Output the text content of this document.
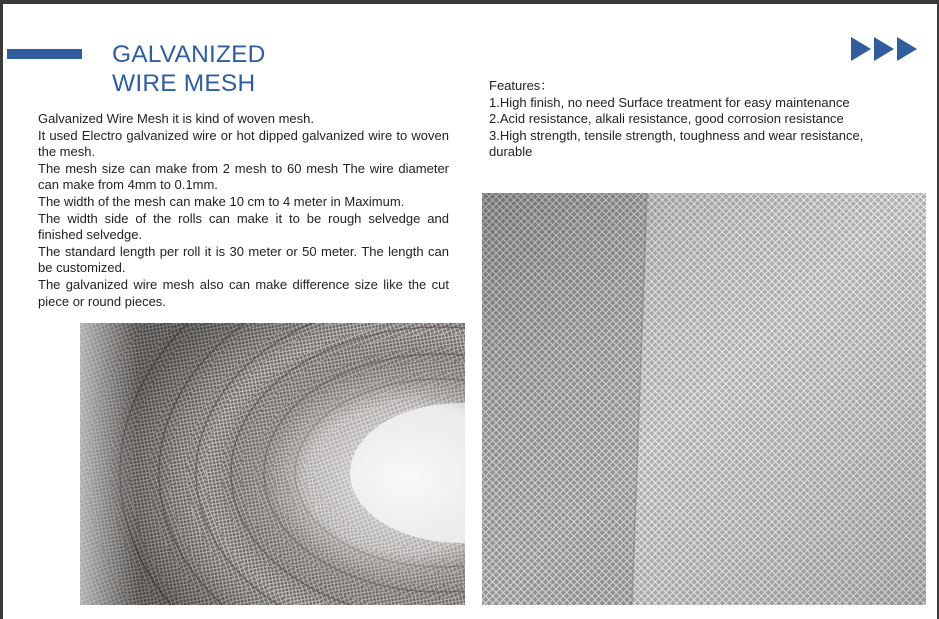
GALVANIZED
WIRE MESH

Galvanized Wire Mesh it is kind of woven mesh.

It used Electro galvanized wire or hot dipped galvanized wire to woven the mesh.

The mesh size can make from 2 mesh to 60 mesh The wire diameter can make from 4mm to 0.1mm.

The width of the mesh can make 10 cm to 4 meter in Maximum.

The width side of the rolls can make it to be rough selvedge and finished selvedge.

The standard length per roll it is 30 meter or 50 meter. The length can be customized.

The galvanized wire mesh also can make difference size like the cut piece or round pieces.

Features：

1.High finish, no need Surface treatment for easy maintenance

2.Acid resistance, alkali resistance, good corrosion resistance

3.High strength, tensile strength, toughness and wear resistance, durable
